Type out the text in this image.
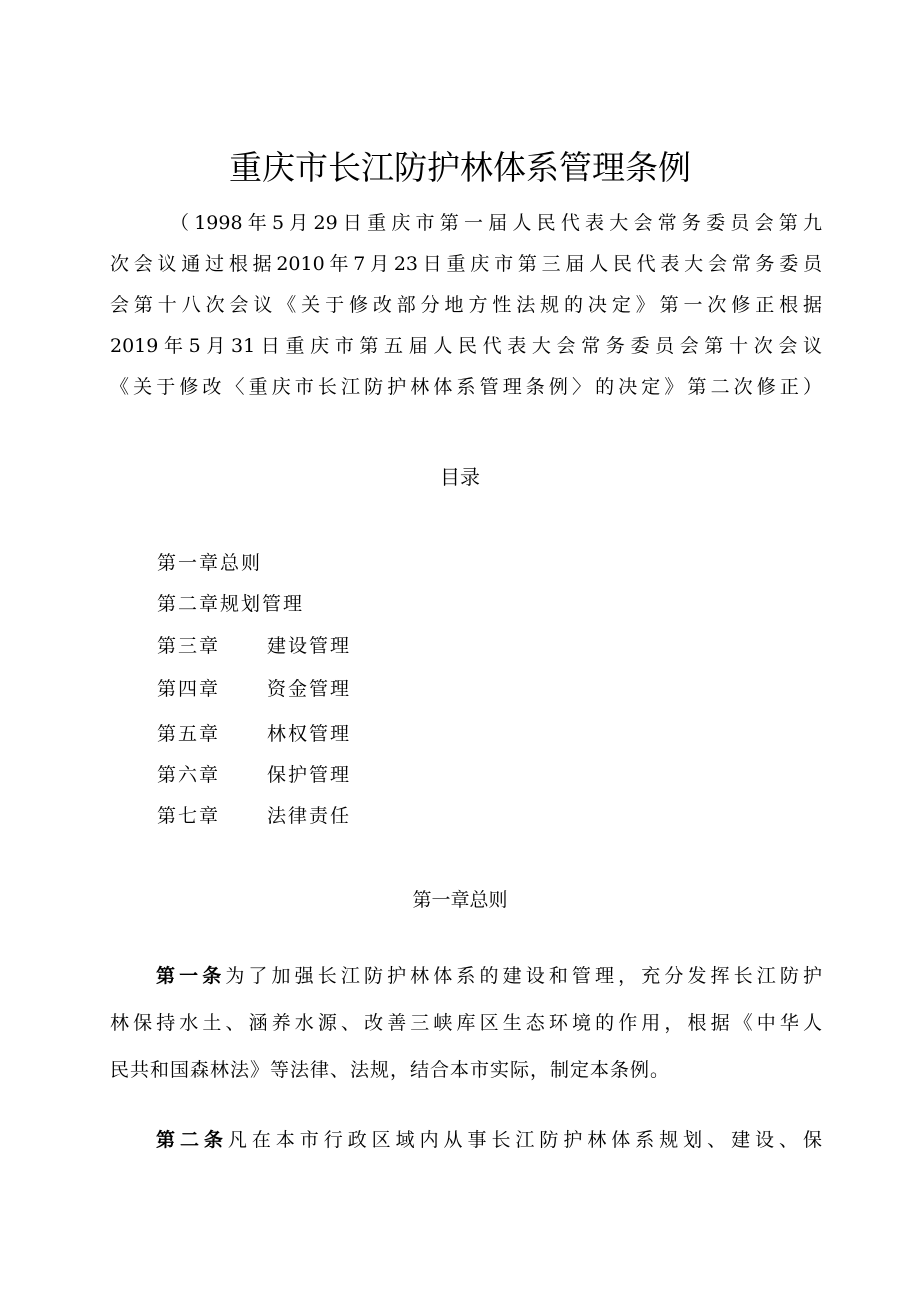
重庆市长江防护林体系管理条例
（1998年5月29日重庆市第一届人民代表大会常务委员会第九
次会议通过根据2010年7月23日重庆市第三届人民代表大会常务委员
会第十八次会议《关于修改部分地方性法规的决定》第一次修正根据
2019年5月31日重庆市第五届人民代表大会常务委员会第十次会议
《关于修改〈重庆市长江防护林体系管理条例〉的决定》第二次修正）
目录
第一章总则
第二章规划管理
第三章 建设管理
第四章 资金管理
第五章 林权管理
第六章 保护管理
第七章 法律责任
第一章总则
第一条为了加强长江防护林体系的建设和管理，充分发挥长江防护
林保持水土、涵养水源、改善三峡库区生态环境的作用，根据《中华人
民共和国森林法》等法律、法规，结合本市实际，制定本条例。
第二条凡在本市行政区域内从事长江防护林体系规划、建设、保
